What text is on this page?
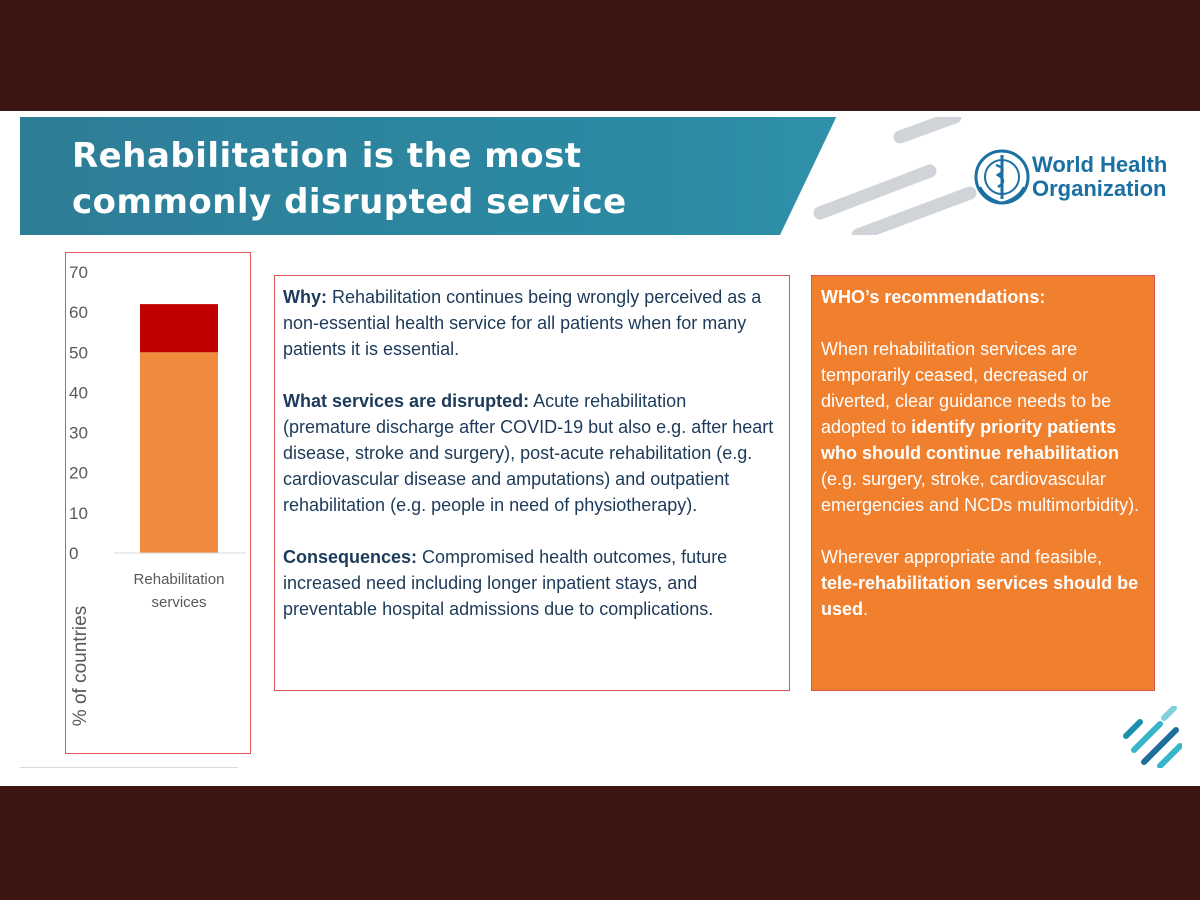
Rehabilitation is the most
commonly disrupted service
World Health
Organization
70
60
50
40
30
20
10
0
Rehabilitation
services
% of countries

Why: Rehabilitation continues being wrongly perceived as a non-essential health service for all patients when for many patients it is essential.

What services are disrupted: Acute rehabilitation (premature discharge after COVID-19 but also e.g. after heart disease, stroke and surgery), post-acute rehabilitation (e.g. cardiovascular disease and amputations) and outpatient rehabilitation (e.g. people in need of physiotherapy).

Consequences: Compromised health outcomes, future increased need including longer inpatient stays, and preventable hospital admissions due to complications.

WHO’s recommendations:

When rehabilitation services are temporarily ceased, decreased or diverted, clear guidance needs to be adopted to identify priority patients who should continue rehabilitation (e.g. surgery, stroke, cardiovascular emergencies and NCDs multimorbidity).

Wherever appropriate and feasible, tele-rehabilitation services should be used.
